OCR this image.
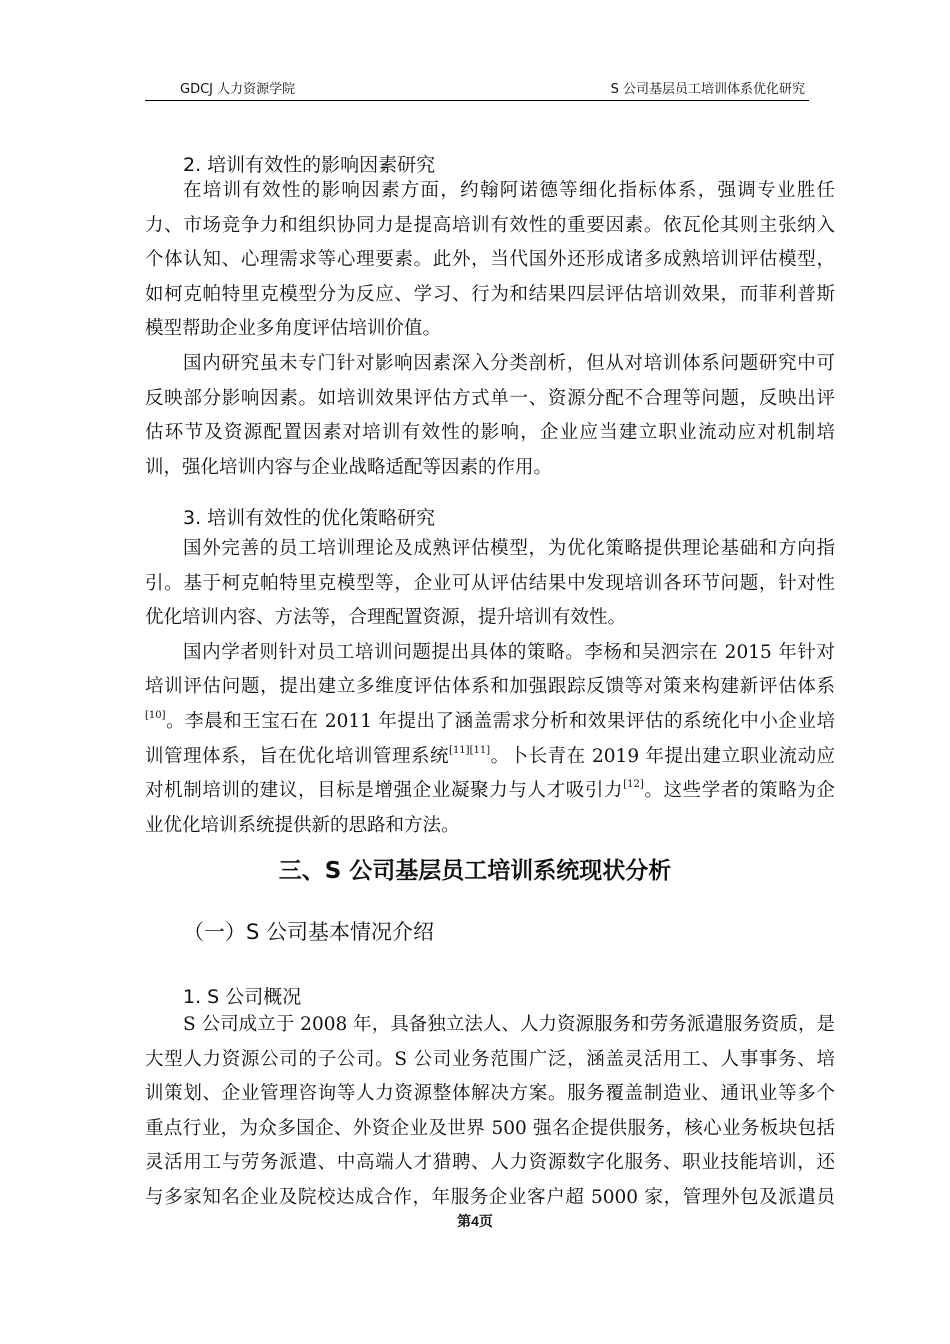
GDCJ 人力资源学院	S 公司基层员工培训体系优化研究
2. 培训有效性的影响因素研究
在培训有效性的影响因素方面，约翰阿诺德等细化指标体系，强调专业胜任
力、市场竞争力和组织协同力是提高培训有效性的重要因素。依瓦伦其则主张纳入
个体认知、心理需求等心理要素。此外，当代国外还形成诸多成熟培训评估模型，
如柯克帕特里克模型分为反应、学习、行为和结果四层评估培训效果，而菲利普斯
模型帮助企业多角度评估培训价值。
国内研究虽未专门针对影响因素深入分类剖析，但从对培训体系问题研究中可
反映部分影响因素。如培训效果评估方式单一、资源分配不合理等问题，反映出评
估环节及资源配置因素对培训有效性的影响，企业应当建立职业流动应对机制培
训，强化培训内容与企业战略适配等因素的作用。
3. 培训有效性的优化策略研究
国外完善的员工培训理论及成熟评估模型，为优化策略提供理论基础和方向指
引。基于柯克帕特里克模型等，企业可从评估结果中发现培训各环节问题，针对性
优化培训内容、方法等，合理配置资源，提升培训有效性。
国内学者则针对员工培训问题提出具体的策略。李杨和吴泗宗在 2015 年针对
培训评估问题，提出建立多维度评估体系和加强跟踪反馈等对策来构建新评估体系
[10]。李晨和王宝石在 2011 年提出了涵盖需求分析和效果评估的系统化中小企业培
训管理体系，旨在优化培训管理系统[11][11]。卜长青在 2019 年提出建立职业流动应
对机制培训的建议，目标是增强企业凝聚力与人才吸引力[12]。这些学者的策略为企
业优化培训系统提供新的思路和方法。
三、S 公司基层员工培训系统现状分析
（一）S 公司基本情况介绍
1. S 公司概况
S 公司成立于 2008 年，具备独立法人、人力资源服务和劳务派遣服务资质，是
大型人力资源公司的子公司。S 公司业务范围广泛，涵盖灵活用工、人事事务、培
训策划、企业管理咨询等人力资源整体解决方案。服务覆盖制造业、通讯业等多个
重点行业，为众多国企、外资企业及世界 500 强名企提供服务，核心业务板块包括
灵活用工与劳务派遣、中高端人才猎聘、人力资源数字化服务、职业技能培训，还
与多家知名企业及院校达成合作，年服务企业客户超 5000 家，管理外包及派遣员
第4页
